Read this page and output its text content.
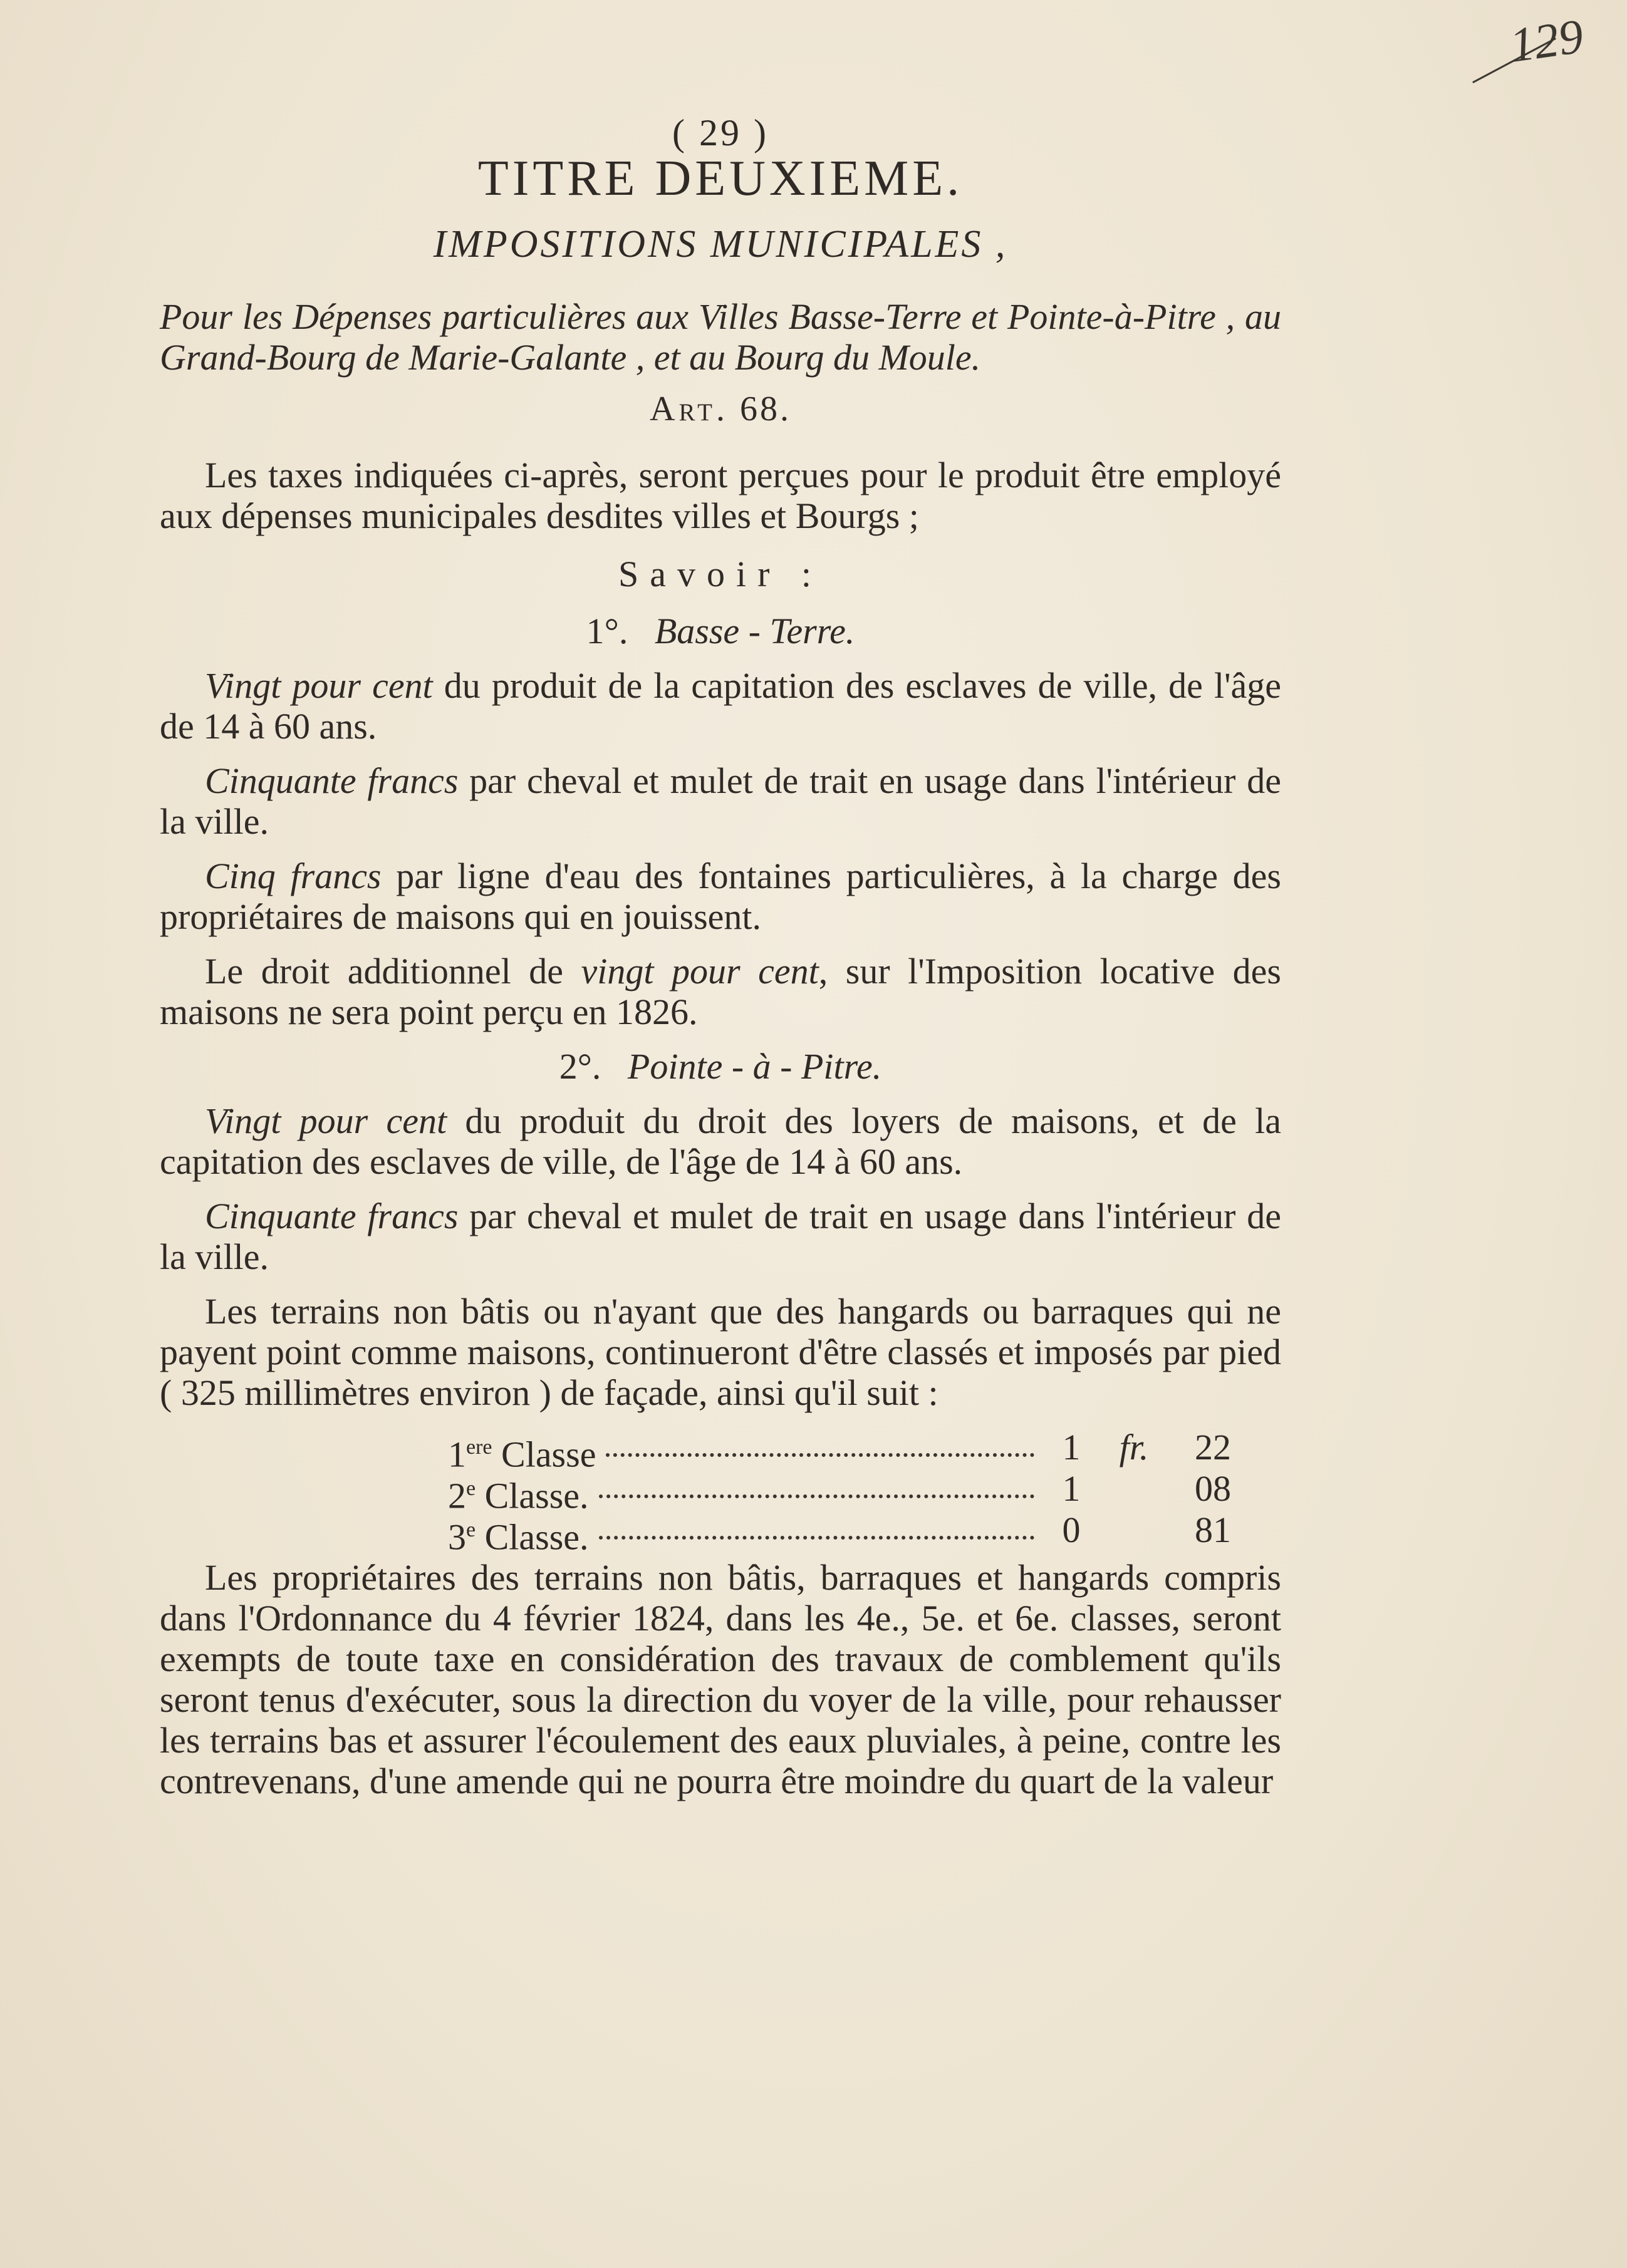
129
( 29 )
TITRE DEUXIEME.
IMPOSITIONS MUNICIPALES ,
Pour les Dépenses particulières aux Villes Basse-Terre et Pointe-à-Pitre , au Grand-Bourg de Marie-Galante , et au Bourg du Moule.
Art. 68.
Les taxes indiquées ci-après, seront perçues pour le produit être employé aux dépenses municipales desdites villes et Bourgs ;
Savoir :
1°. Basse - Terre.
Vingt pour cent du produit de la capitation des esclaves de ville, de l'âge de 14 à 60 ans.
Cinquante francs par cheval et mulet de trait en usage dans l'intérieur de la ville.
Cinq francs par ligne d'eau des fontaines particulières, à la charge des propriétaires de maisons qui en jouissent.
Le droit additionnel de vingt pour cent, sur l'Imposition locative des maisons ne sera point perçu en 1826.
2°. Pointe - à - Pitre.
Vingt pour cent du produit du droit des loyers de maisons, et de la capitation des esclaves de ville, de l'âge de 14 à 60 ans.
Cinquante francs par cheval et mulet de trait en usage dans l'intérieur de la ville.
Les terrains non bâtis ou n'ayant que des hangards ou barraques qui ne payent point comme maisons, continueront d'être classés et imposés par pied ( 325 millimètres environ ) de façade, ainsi qu'il suit :
1ere Classe	1	fr.	22
2e Classe.	1	08
3e Classe.	0	81
Les propriétaires des terrains non bâtis, barraques et hangards compris dans l'Ordonnance du 4 février 1824, dans les 4e., 5e. et 6e. classes, seront exempts de toute taxe en considération des travaux de comblement qu'ils seront tenus d'exécuter, sous la direction du voyer de la ville, pour rehausser les terrains bas et assurer l'écoulement des eaux pluviales, à peine, contre les contrevenans, d'une amende qui ne pourra être moindre du quart de la valeur
